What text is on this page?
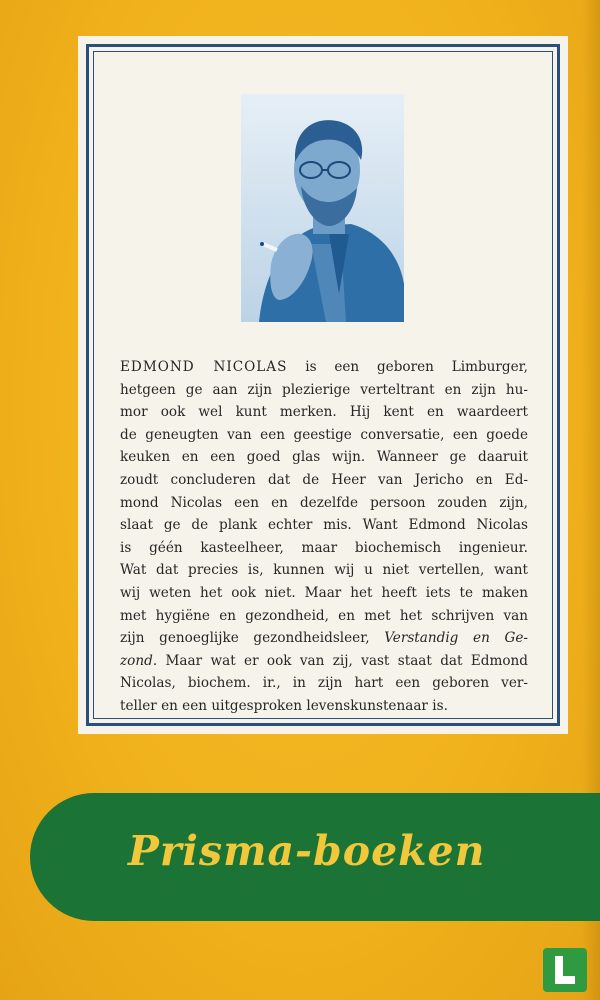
EDMOND NICOLAS is een geboren Limburger,
hetgeen ge aan zijn plezierige verteltrant en zijn hu-
mor ook wel kunt merken. Hij kent en waardeert
de geneugten van een geestige conversatie, een goede
keuken en een goed glas wijn. Wanneer ge daaruit
zoudt concluderen dat de Heer van Jericho en Ed-
mond Nicolas een en dezelfde persoon zouden zijn,
slaat ge de plank echter mis. Want Edmond Nicolas
is géén kasteelheer, maar biochemisch ingenieur.
Wat dat precies is, kunnen wij u niet vertellen, want
wij weten het ook niet. Maar het heeft iets te maken
met hygiëne en gezondheid, en met het schrijven van
zijn genoeglijke gezondheidsleer, Verstandig en Ge-
zond. Maar wat er ook van zij, vast staat dat Edmond
Nicolas, biochem. ir., in zijn hart een geboren ver-
teller en een uitgesproken levenskunstenaar is.
Prisma-boeken
